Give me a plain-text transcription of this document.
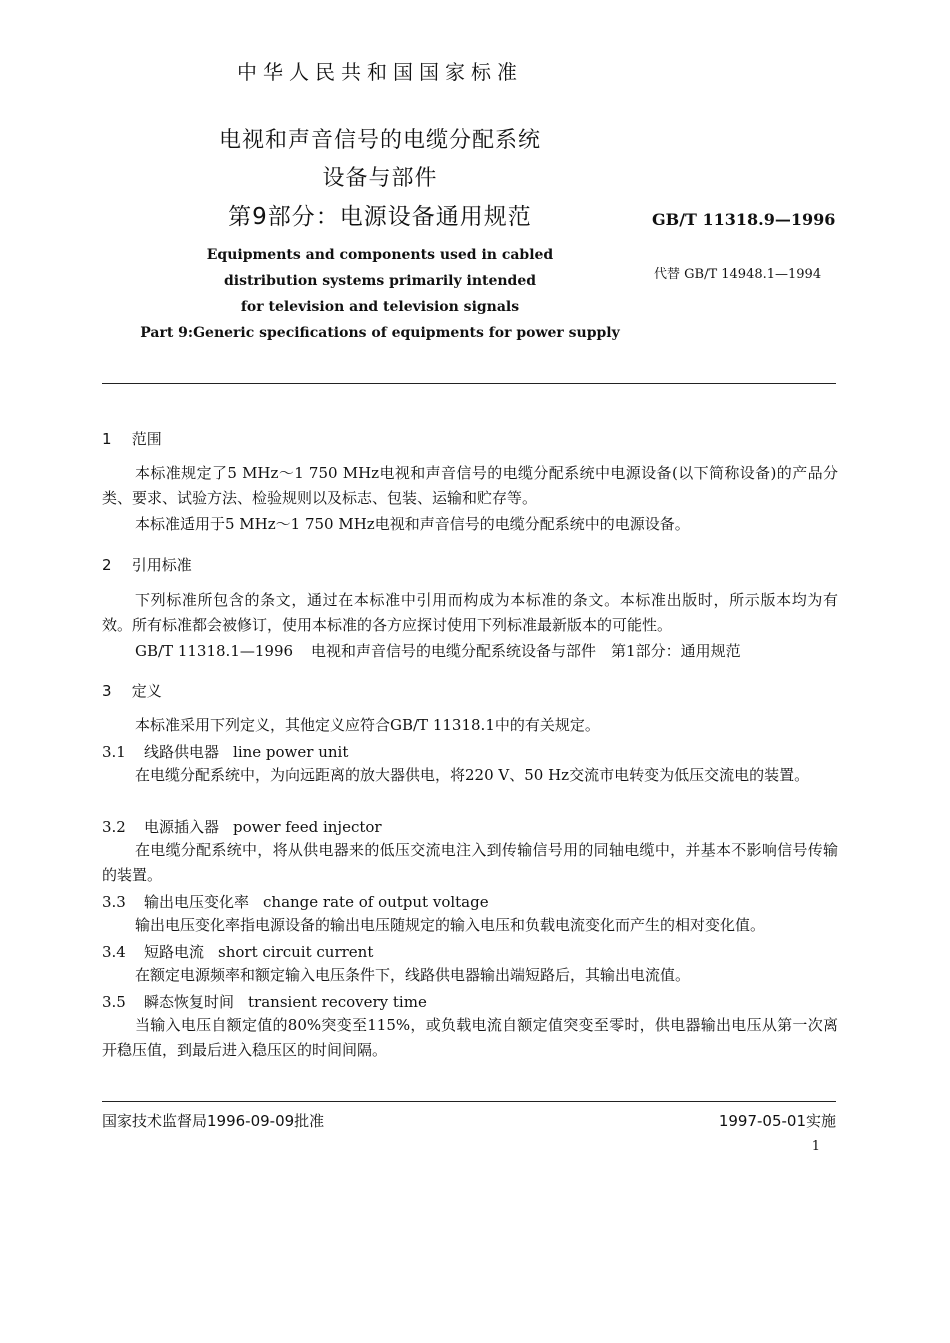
中华人民共和国国家标准
电视和声音信号的电缆分配系统
设备与部件
第9部分：电源设备通用规范	GB/T 11318.9—1996
代替 GB/T 14948.1—1994
Equipments and components used in cabled
distribution systems primarily intended
for television and television signals
Part 9:Generic specifications of equipments for power supply
1 范围
本标准规定了5 MHz～1 750 MHz电视和声音信号的电缆分配系统中电源设备(以下简称设备)的产品分类、要求、试验方法、检验规则以及标志、包装、运输和贮存等。
本标准适用于5 MHz～1 750 MHz电视和声音信号的电缆分配系统中的电源设备。
2 引用标准
下列标准所包含的条文，通过在本标准中引用而构成为本标准的条文。本标准出版时，所示版本均为有效。所有标准都会被修订，使用本标准的各方应探讨使用下列标准最新版本的可能性。
GB/T 11318.1—1996 电视和声音信号的电缆分配系统设备与部件　第1部分：通用规范
3 定义
本标准采用下列定义，其他定义应符合GB/T 11318.1中的有关规定。
3.1 线路供电器 line power unit
在电缆分配系统中，为向远距离的放大器供电，将220 V、50 Hz交流市电转变为低压交流电的装置。
3.2 电源插入器 power feed injector
在电缆分配系统中，将从供电器来的低压交流电注入到传输信号用的同轴电缆中，并基本不影响信号传输的装置。
3.3 输出电压变化率 change rate of output voltage
输出电压变化率指电源设备的输出电压随规定的输入电压和负载电流变化而产生的相对变化值。
3.4 短路电流 short circuit current
在额定电源频率和额定输入电压条件下，线路供电器输出端短路后，其输出电流值。
3.5 瞬态恢复时间 transient recovery time
当输入电压自额定值的80%突变至115%，或负载电流自额定值突变至零时，供电器输出电压从第一次离开稳压值，到最后进入稳压区的时间间隔。
国家技术监督局1996-09-09批准	1997-05-01实施
1
